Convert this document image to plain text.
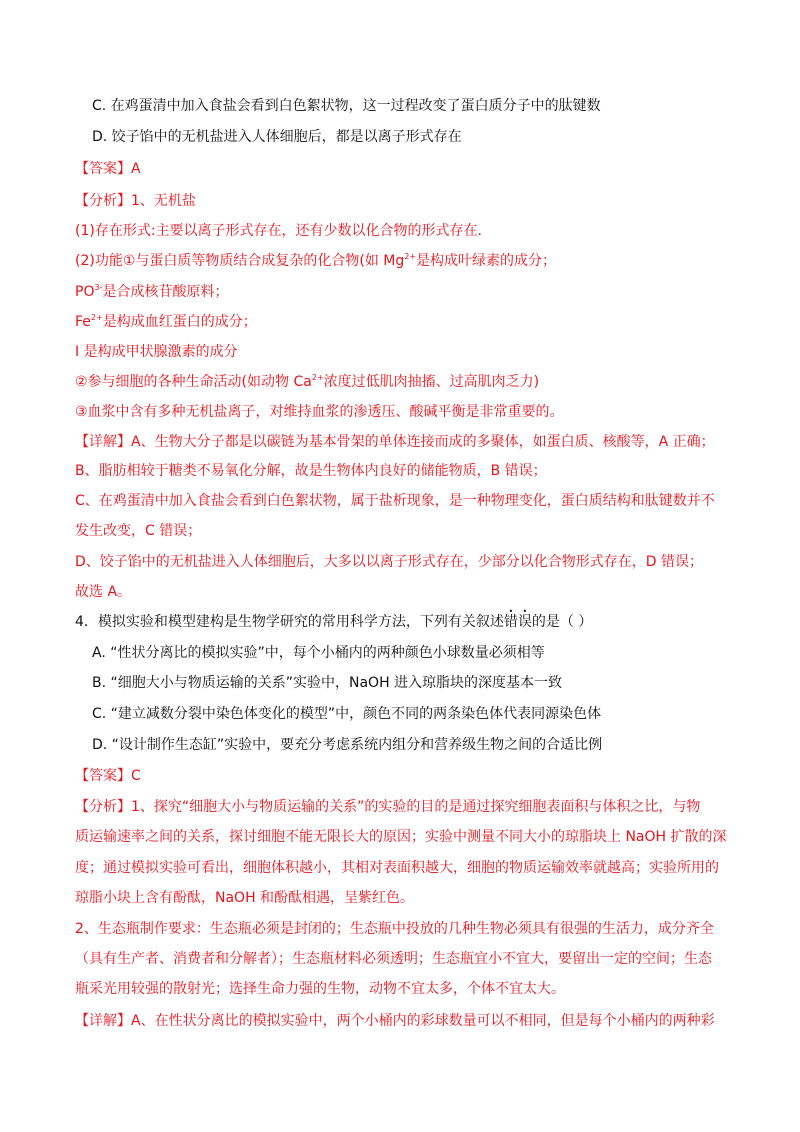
C. 在鸡蛋清中加入食盐会看到白色絮状物，这一过程改变了蛋白质分子中的肽键数
D. 饺子馅中的无机盐进入人体细胞后，都是以离子形式存在
【答案】A
【分析】1、无机盐
(1)存在形式:主要以离子形式存在，还有少数以化合物的形式存在.
(2)功能①与蛋白质等物质结合成复杂的化合物(如 $Mg^{2+}$是构成叶绿素的成分；
$PO^{3-}$是合成核苷酸原料；
$Fe^{2+}$是构成血红蛋白的成分；
I 是构成甲状腺激素的成分
②参与细胞的各种生命活动(如动物 $Ca^{2+}$浓度过低肌肉抽搐、过高肌肉乏力)
③血浆中含有多种无机盐离子，对维持血浆的渗透压、酸碱平衡是非常重要的。
【详解】A、生物大分子都是以碳链为基本骨架的单体连接而成的多聚体，如蛋白质、核酸等，A 正确；
B、脂肪相较于糖类不易氧化分解，故是生物体内良好的储能物质，B 错误；
C、在鸡蛋清中加入食盐会看到白色絮状物，属于盐析现象，是一种物理变化，蛋白质结构和肽键数并不
发生改变，C 错误；
D、饺子馅中的无机盐进入人体细胞后，大多以以离子形式存在，少部分以化合物形式存在，D 错误；
故选 A。
4．模拟实验和模型建构是生物学研究的常用科学方法，下列有关叙述错误的是（ ）
A. “性状分离比的模拟实验”中，每个小桶内的两种颜色小球数量必须相等
B. “细胞大小与物质运输的关系”实验中，NaOH 进入琼脂块的深度基本一致
C. “建立减数分裂中染色体变化的模型”中，颜色不同的两条染色体代表同源染色体
D. “设计制作生态缸”实验中，要充分考虑系统内组分和营养级生物之间的合适比例
【答案】C
【分析】1、探究“细胞大小与物质运输的关系”的实验的目的是通过探究细胞表面积与体积之比，与物
质运输速率之间的关系，探讨细胞不能无限长大的原因；实验中测量不同大小的琼脂块上 NaOH 扩散的深
度；通过模拟实验可看出，细胞体积越小，其相对表面积越大，细胞的物质运输效率就越高；实验所用的
琼脂小块上含有酚酞，NaOH 和酚酞相遇，呈紫红色。
2、生态瓶制作要求：生态瓶必须是封闭的；生态瓶中投放的几种生物必须具有很强的生活力，成分齐全
（具有生产者、消费者和分解者）；生态瓶材料必须透明；生态瓶宜小不宜大，要留出一定的空间；生态
瓶采光用较强的散射光；选择生命力强的生物，动物不宜太多，个体不宜太大。
【详解】A、在性状分离比的模拟实验中，两个小桶内的彩球数量可以不相同，但是每个小桶内的两种彩
